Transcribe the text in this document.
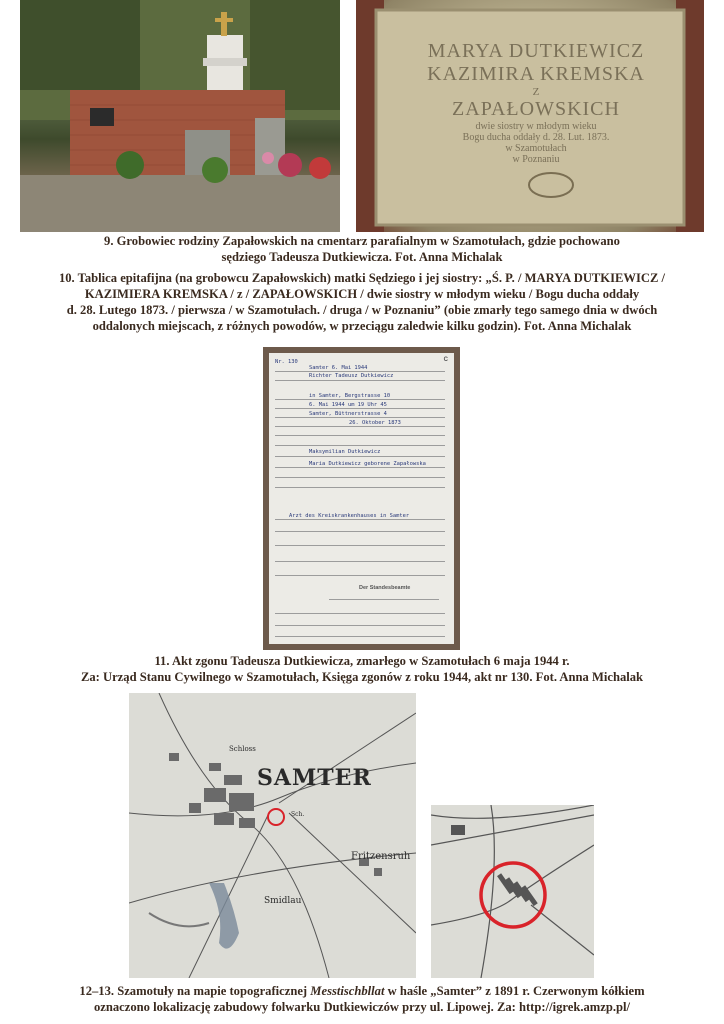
MARYA DUTKIEWICZ
KAZIMIRA KREMSKA
Z
ZAPAŁOWSKICH
dwie siostry w młodym wieku
Bogu ducha oddały d. 28. Lut. 1873.
w Szamotułach
w Poznaniu
9. Grobowiec rodziny Zapałowskich na cmentarz parafialnym w Szamotułach, gdzie pochowano
sędziego Tadeusza Dutkiewicza. Fot. Anna Michalak
10. Tablica epitafijna (na grobowcu Zapałowskich) matki Sędziego i jej siostry: „Ś. P. / MARYA DUTKIEWICZ /
KAZIMIERA KREMSKA / z / ZAPAŁOWSKICH / dwie siostry w młodym wieku / Bogu ducha oddały
d. 28. Lutego 1873. / pierwsza / w Szamotułach. / druga / w Poznaniu” (obie zmarły tego samego dnia w dwóch
oddalonych miejscach, z różnych powodów, w przeciągu zaledwie kilku godzin). Fot. Anna Michalak
C
Nr. 130
Samter 6. Mai 1944
Richter Tadeusz Dutkiewicz
in Samter, Bergstrasse 10
6. Mai 1944 um 19 Uhr 45
Samter, Büttnerstrasse 4
26. Oktober 1873
Maksymilian Dutkiewicz
Maria Dutkiewicz geborene Zapałowska
Arzt des Kreiskrankenhauses in Samter
Der Standesbeamte
11. Akt zgonu Tadeusza Dutkiewicza, zmarłego w Szamotułach 6 maja 1944 r.
Za: Urząd Stanu Cywilnego w Szamotułach, Księga zgonów z roku 1944, akt nr 130. Fot. Anna Michalak
SAMTER
Fritzensruh
Smidlau
Schloss
Sch.
12–13. Szamotuły na mapie topograficznej Messtischbllat w haśle „Samter” z 1891 r. Czerwonym kółkiem
oznaczono lokalizację zabudowy folwarku Dutkiewiczów przy ul. Lipowej. Za: http://igrek.amzp.pl/
